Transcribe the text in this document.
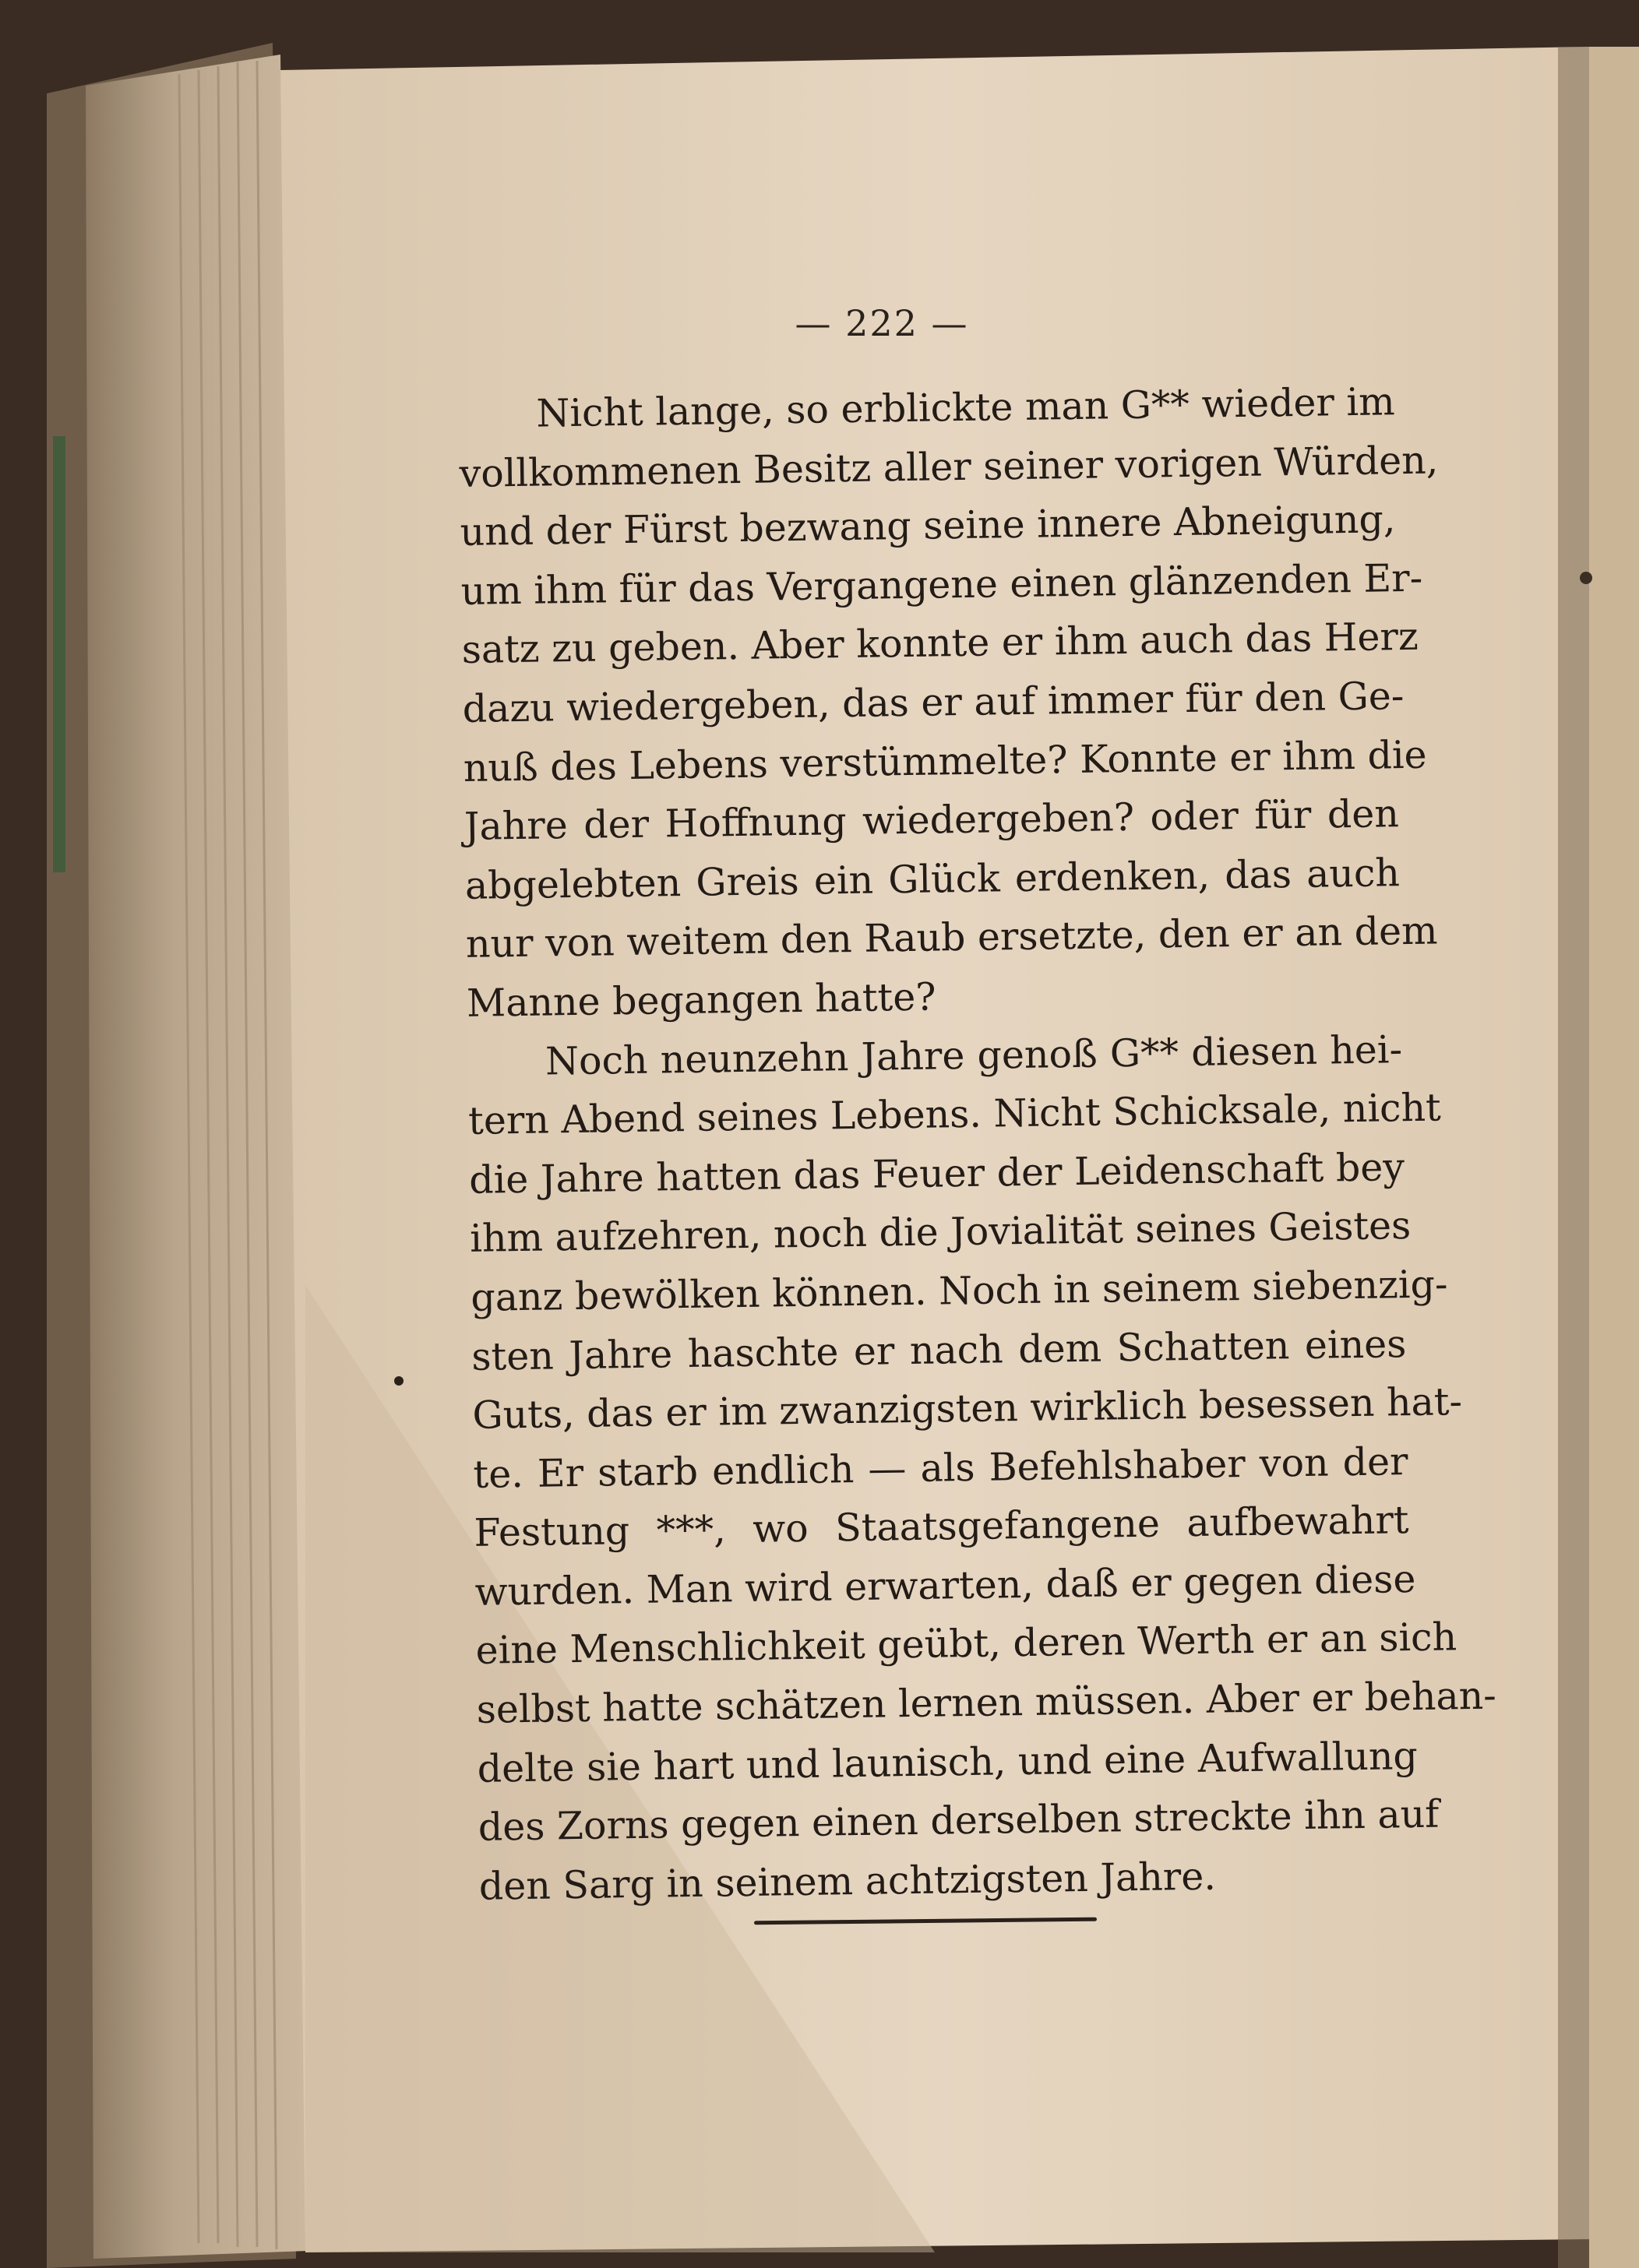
— 222 —
Nicht lange, so erblickte man G** wieder im
vollkommenen Besitz aller seiner vorigen Würden,
und der Fürst bezwang seine innere Abneigung,
um ihm für das Vergangene einen glänzenden Er-
satz zu geben. Aber konnte er ihm auch das Herz
dazu wiedergeben, das er auf immer für den Ge-
nuß des Lebens verstümmelte? Konnte er ihm die
Jahre der Hoffnung wiedergeben? oder für den
abgelebten Greis ein Glück erdenken, das auch
nur von weitem den Raub ersetzte, den er an dem
Manne begangen hatte?
Noch neunzehn Jahre genoß G** diesen hei-
tern Abend seines Lebens. Nicht Schicksale, nicht
die Jahre hatten das Feuer der Leidenschaft bey
ihm aufzehren, noch die Jovialität seines Geistes
ganz bewölken können. Noch in seinem siebenzig-
sten Jahre haschte er nach dem Schatten eines
Guts, das er im zwanzigsten wirklich besessen hat-
te. Er starb endlich — als Befehlshaber von der
Festung ***, wo Staatsgefangene aufbewahrt
wurden. Man wird erwarten, daß er gegen diese
eine Menschlichkeit geübt, deren Werth er an sich
selbst hatte schätzen lernen müssen. Aber er behan-
delte sie hart und launisch, und eine Aufwallung
des Zorns gegen einen derselben streckte ihn auf
den Sarg in seinem achtzigsten Jahre.
